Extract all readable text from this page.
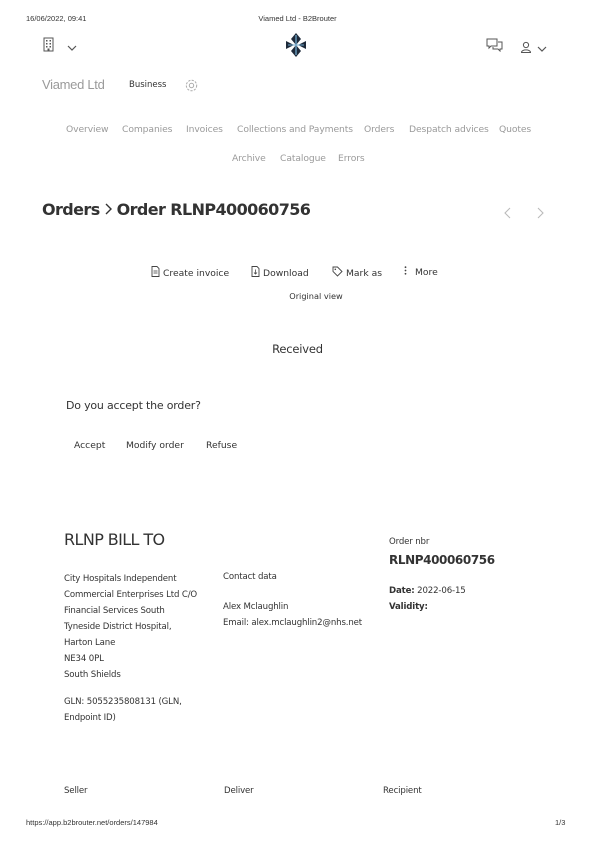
16/06/2022, 09:41	Viamed Ltd - B2Brouter
Viamed Ltd	Business
Overview Companies Invoices Collections and Payments Orders Despatch advices Quotes
Archive Catalogue Errors
Orders Order RLNP400060756
Create invoice	Download	Mark as	More
Original view
Received
Do you accept the order?
Accept Modify order Refuse
RLNP BILL TO
City Hospitals Independent
Commercial Enterprises Ltd C/O
Financial Services South
Tyneside District Hospital,
Harton Lane
NE34 0PL
South Shields
GLN: 5055235808131 (GLN,
Endpoint ID)
Contact data
Alex Mclaughlin
Email: alex.mclaughlin2@nhs.net
Order nbr
RLNP400060756
Date: 2022-06-15
Validity:
Seller	Deliver	Recipient
https://app.b2brouter.net/orders/147984	1/3
